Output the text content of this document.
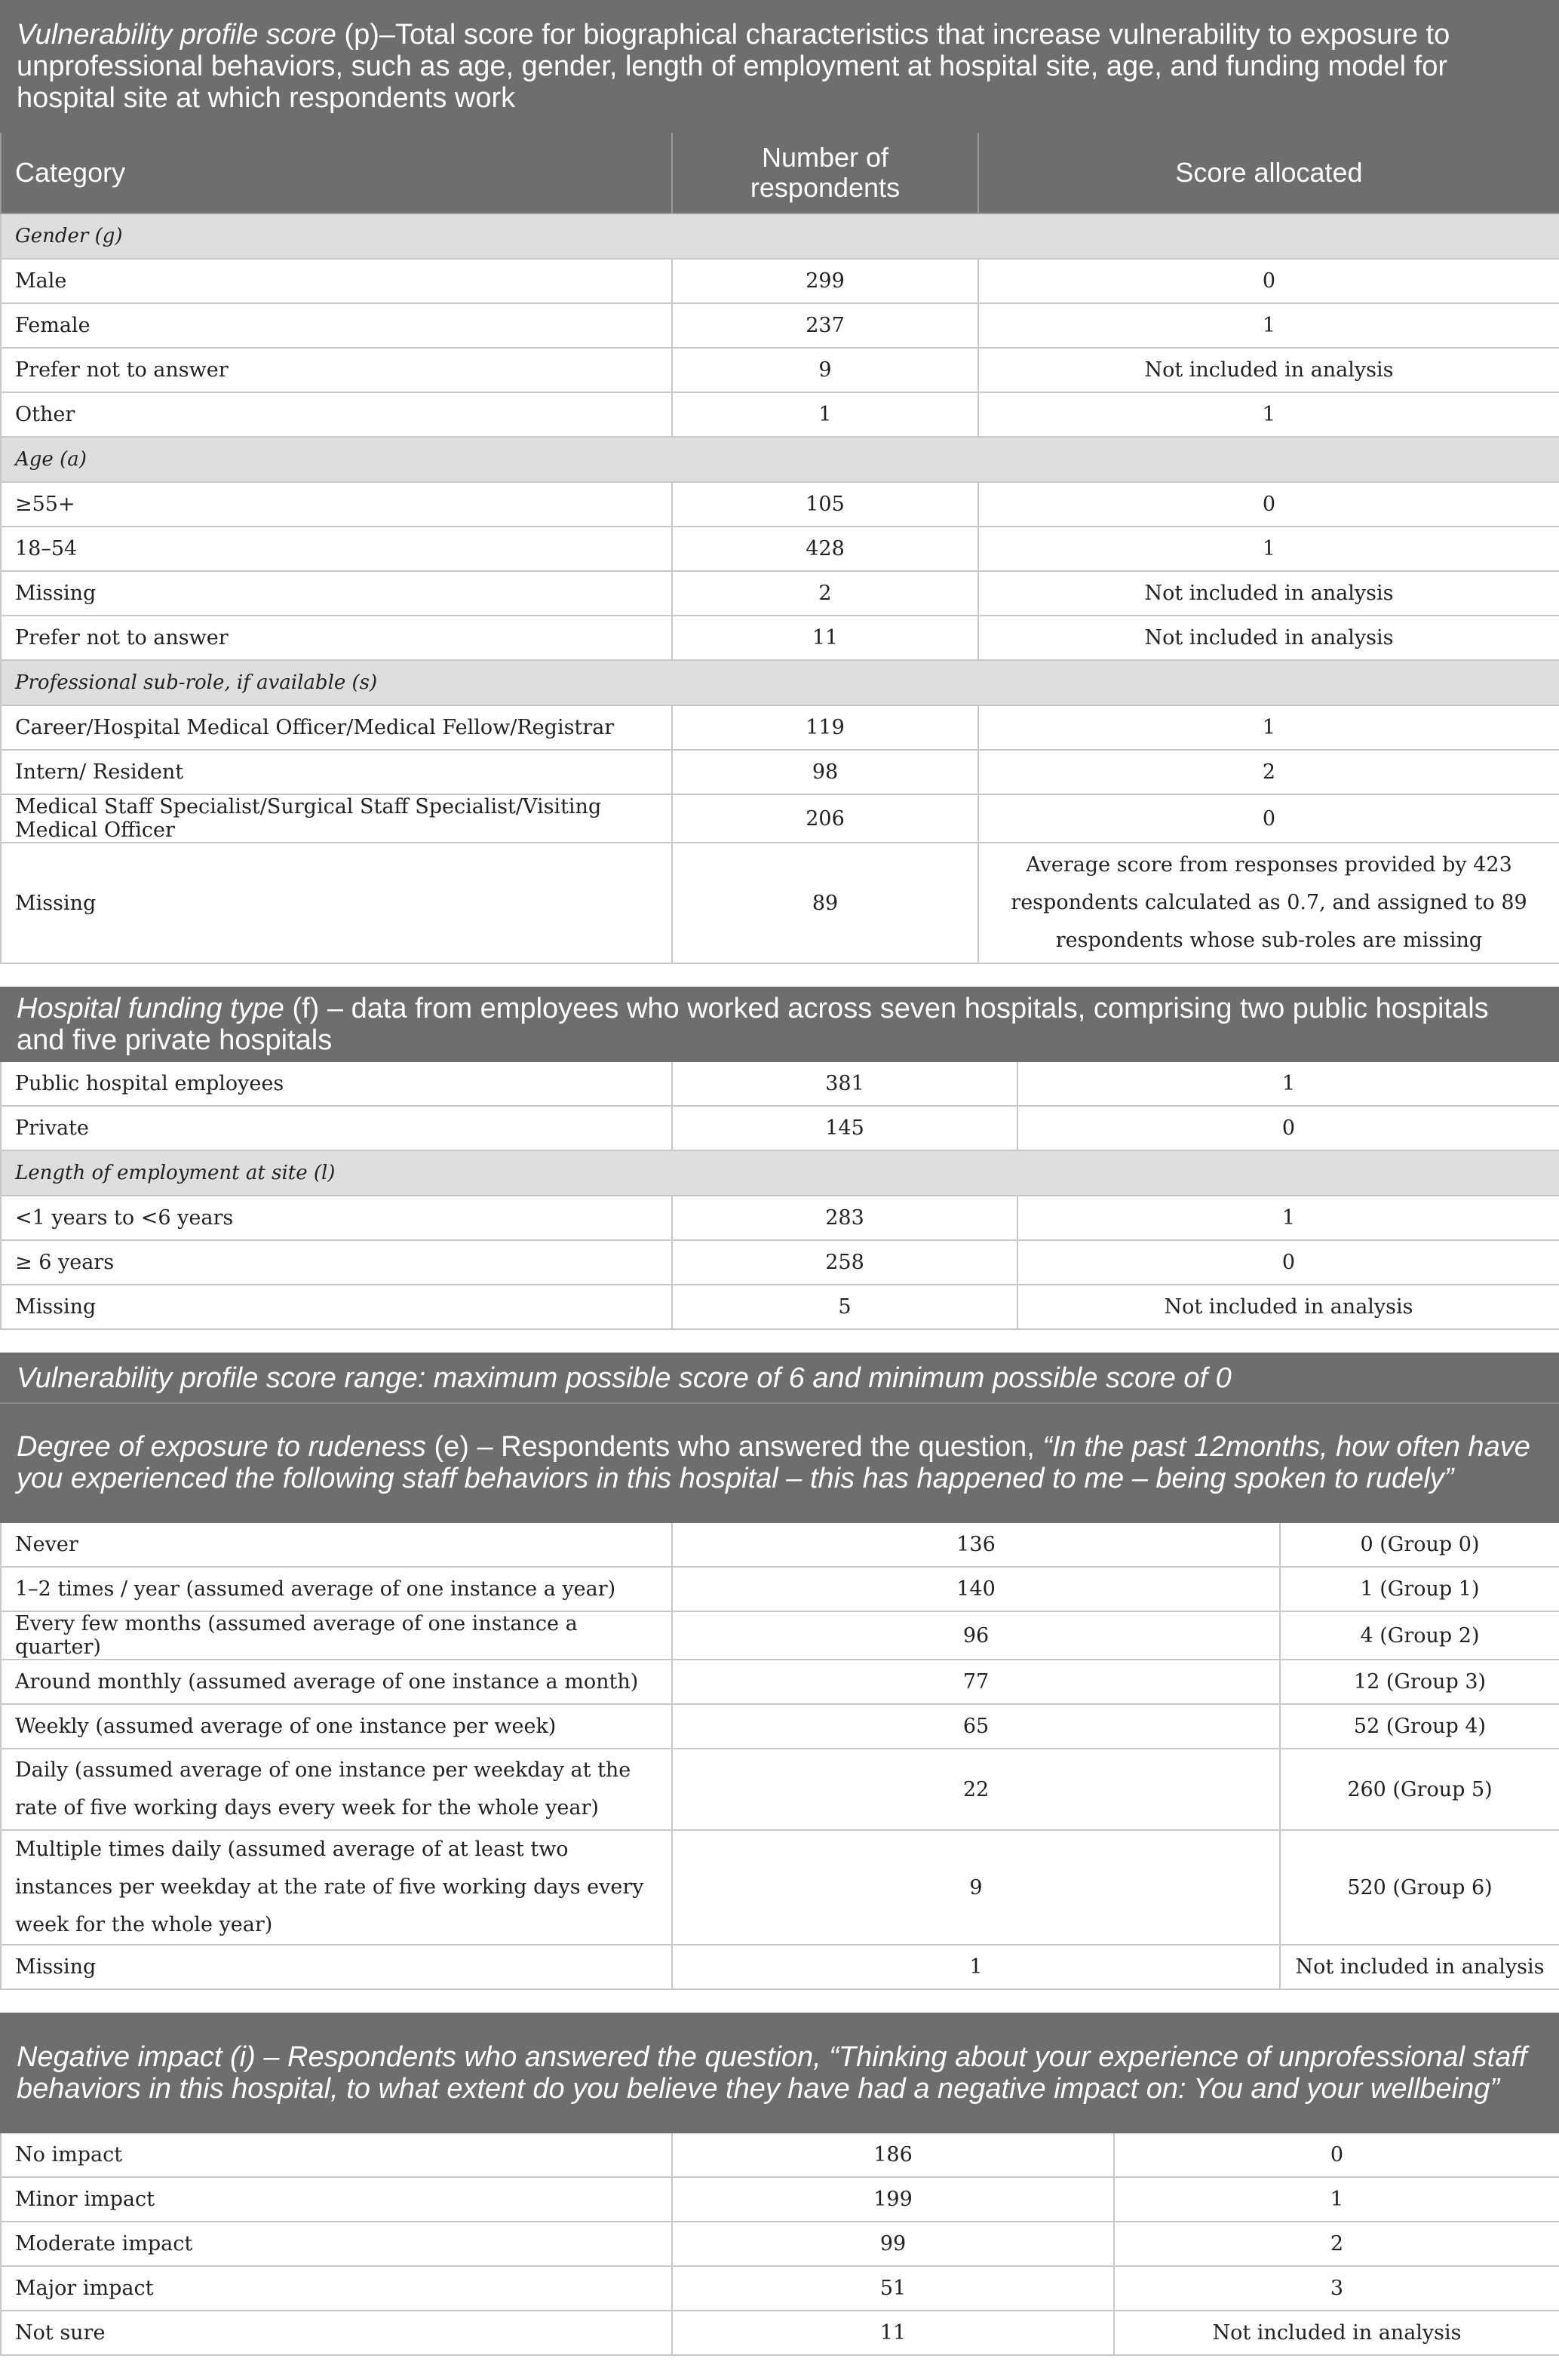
Vulnerability profile score (p)–Total score for biographical characteristics that increase vulnerability to exposure to unprofessional behaviors, such as age, gender, length of employment at hospital site, age, and funding model for hospital site at which respondents work		
Category	Number of respondents	Score allocated
Gender (g)		
Male	299	0
Female	237	1
Prefer not to answer	9	Not included in analysis
Other	1	1
Age (a)		
≥55+	105	0
18–54	428	1
Missing	2	Not included in analysis
Prefer not to answer	11	Not included in analysis
Professional sub-role, if available (s)		
Career/Hospital Medical Officer/Medical Fellow/Registrar	119	1
Intern/ Resident	98	2
Medical Staff Specialist/Surgical Staff Specialist/Visiting Medical Officer	206	0
Missing	89	Average score from responses provided by 423 respondents calculated as 0.7, and assigned to 89 respondents whose sub-roles are missing
Hospital funding type (f) – data from employees who worked across seven hospitals, comprising two public hospitals and five private hospitals		
Public hospital employees	381	1
Private	145	0
Length of employment at site (l)		
<1 years to <6 years	283	1
≥ 6 years	258	0
Missing	5	Not included in analysis
Vulnerability profile score range: maximum possible score of 6 and minimum possible score of 0		
Degree of exposure to rudeness (e) – Respondents who answered the question, “In the past 12months, how often have you experienced the following staff behaviors in this hospital – this has happened to me – being spoken to rudely”		
Never	136	0 (Group 0)
1–2 times / year (assumed average of one instance a year)	140	1 (Group 1)
Every few months (assumed average of one instance a quarter)	96	4 (Group 2)
Around monthly (assumed average of one instance a month)	77	12 (Group 3)
Weekly (assumed average of one instance per week)	65	52 (Group 4)
Daily (assumed average of one instance per weekday at the rate of five working days every week for the whole year)	22	260 (Group 5)
Multiple times daily (assumed average of at least two instances per weekday at the rate of five working days every week for the whole year)	9	520 (Group 6)
Missing	1	Not included in analysis
Negative impact (i) – Respondents who answered the question, “Thinking about your experience of unprofessional staff behaviors in this hospital, to what extent do you believe they have had a negative impact on: You and your wellbeing”		
No impact	186	0
Minor impact	199	1
Moderate impact	99	2
Major impact	51	3
Not sure	11	Not included in analysis
